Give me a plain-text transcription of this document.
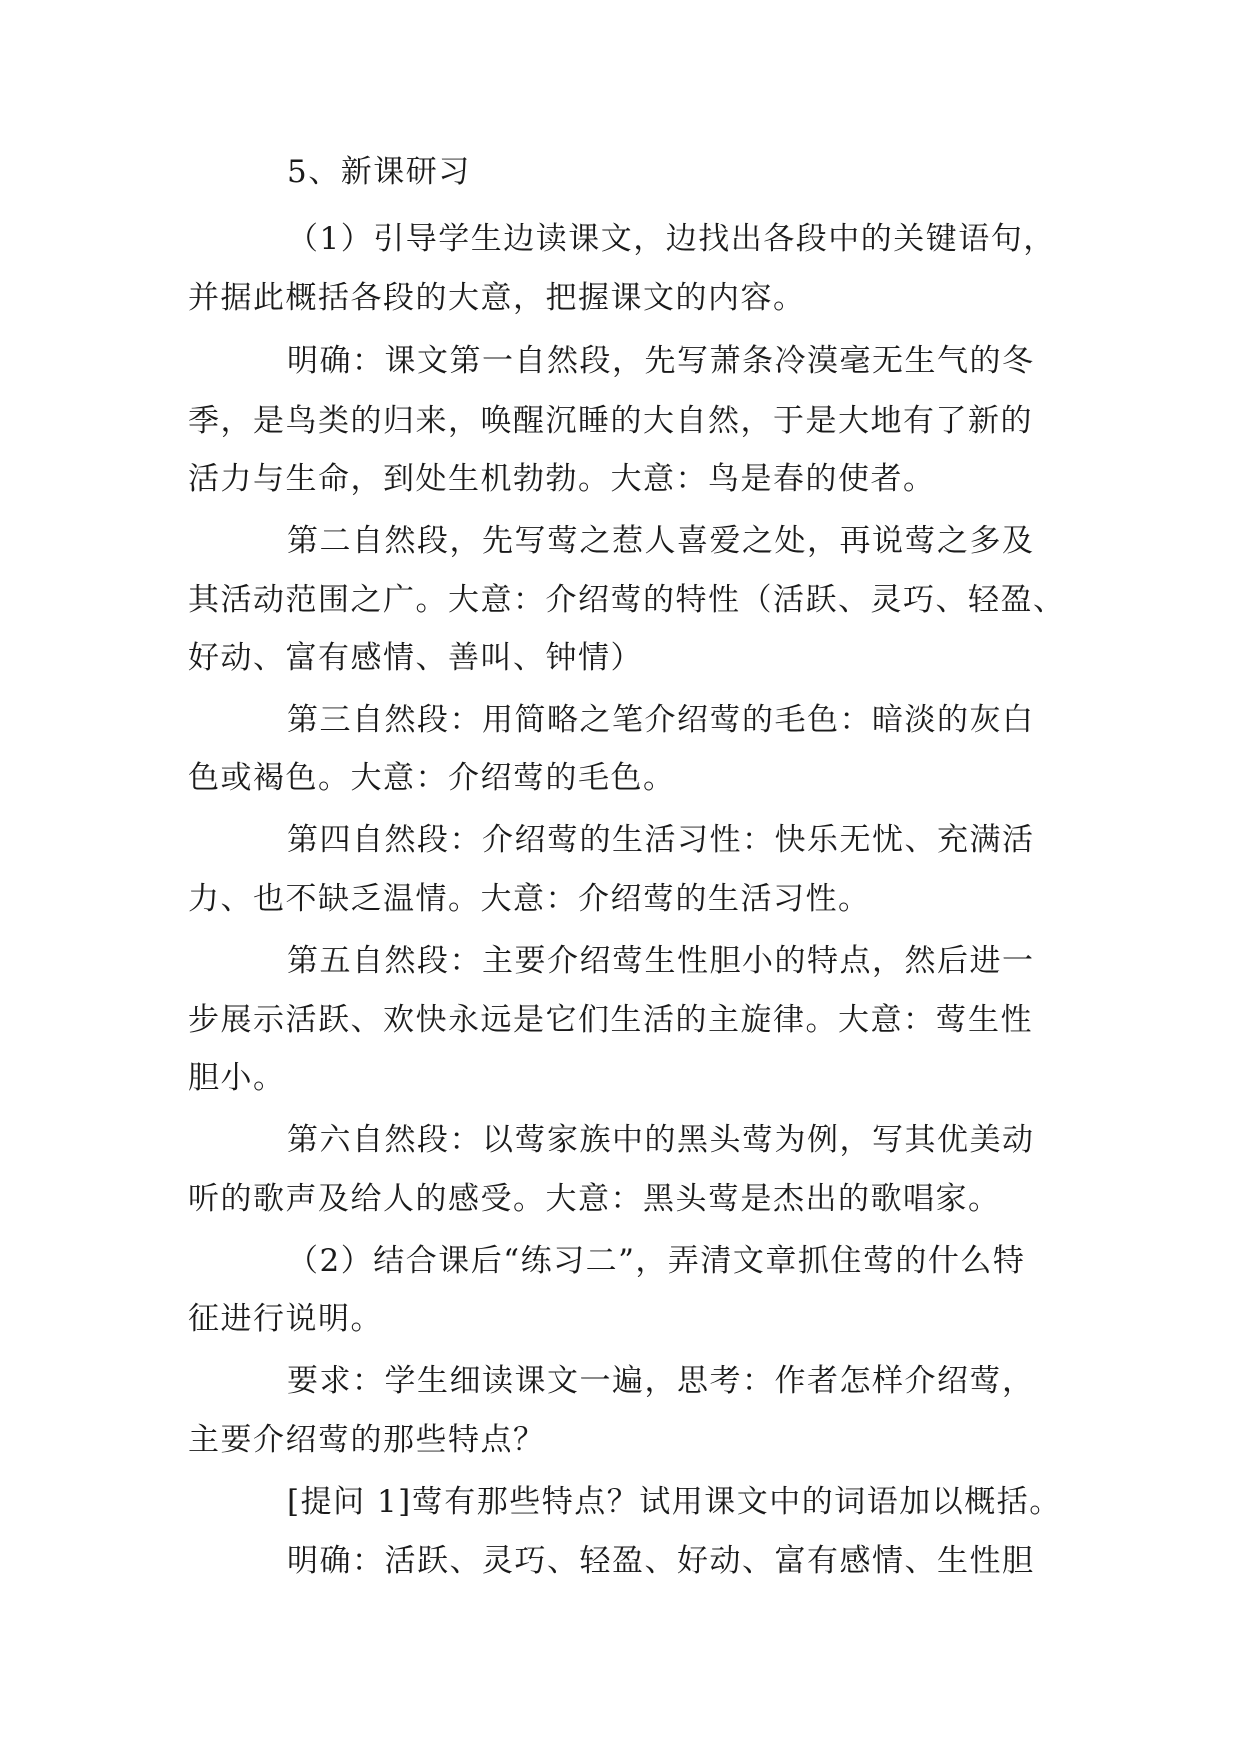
5、新课研习
（1）引导学生边读课文，边找出各段中的关键语句，
并据此概括各段的大意，把握课文的内容。
明确：课文第一自然段，先写萧条冷漠毫无生气的冬
季，是鸟类的归来，唤醒沉睡的大自然，于是大地有了新的
活力与生命，到处生机勃勃。大意：鸟是春的使者。
第二自然段，先写莺之惹人喜爱之处，再说莺之多及
其活动范围之广。大意：介绍莺的特性（活跃、灵巧、轻盈、
好动、富有感情、善叫、钟情）
第三自然段：用简略之笔介绍莺的毛色：暗淡的灰白
色或褐色。大意：介绍莺的毛色。
第四自然段：介绍莺的生活习性：快乐无忧、充满活
力、也不缺乏温情。大意：介绍莺的生活习性。
第五自然段：主要介绍莺生性胆小的特点，然后进一
步展示活跃、欢快永远是它们生活的主旋律。大意：莺生性
胆小。
第六自然段：以莺家族中的黑头莺为例，写其优美动
听的歌声及给人的感受。大意：黑头莺是杰出的歌唱家。
（2）结合课后“练习二”，弄清文章抓住莺的什么特
征进行说明。
要求：学生细读课文一遍，思考：作者怎样介绍莺，
主要介绍莺的那些特点？
[提问 1]莺有那些特点？试用课文中的词语加以概括。
明确：活跃、灵巧、轻盈、好动、富有感情、生性胆
